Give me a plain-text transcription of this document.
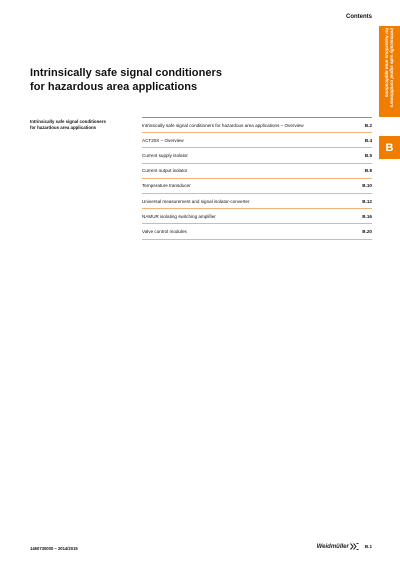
Contents
Intrinsically safe signal conditioners
for hazardous area applications
B
Intrinsically safe signal conditioners
for hazardous area applications
Intrinsically safe signal conditioners
for hazardous area applications
Intrinsically safe signal conditioners for hazardous area applications – Overview	B.2
ACT20X – Overview	B.4
Current supply isolator	B.5
Current output isolator	B.8
Temperature transducer	B.10
Universal measurement and signal isolator-converter	B.12
NAMUR isolating switching amplifier	B.16
Valve control modules	B.20
1460730000 – 2014/2015	Weidmüller	B.1
